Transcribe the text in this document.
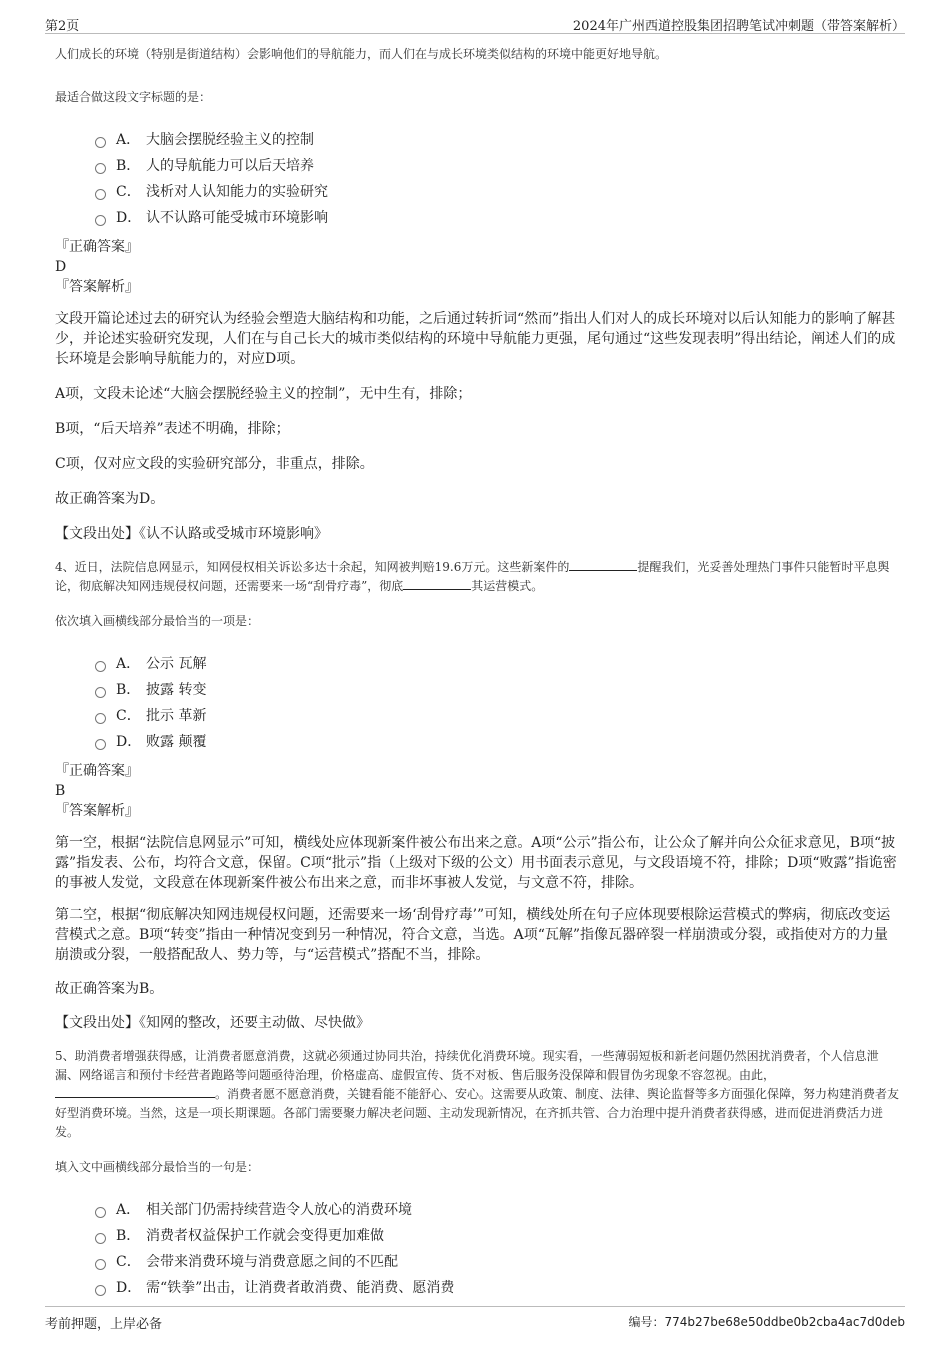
第2页	2024年广州西道控股集团招聘笔试冲刺题（带答案解析）

人们成长的环境（特别是街道结构）会影响他们的导航能力，而人们在与成长环境类似结构的环境中能更好地导航。

最适合做这段文字标题的是：

A． 大脑会摆脱经验主义的控制
B． 人的导航能力可以后天培养
C． 浅析对人认知能力的实验研究
D． 认不认路可能受城市环境影响

『正确答案』

D

『答案解析』

文段开篇论述过去的研究认为经验会塑造大脑结构和功能，之后通过转折词“然而”指出人们对人的成长环境对以后认知能力的影响了解甚少，并论述实验研究发现，人们在与自己长大的城市类似结构的环境中导航能力更强，尾句通过“这些发现表明”得出结论，阐述人们的成长环境是会影响导航能力的，对应D项。

A项，文段未论述“大脑会摆脱经验主义的控制”，无中生有，排除；

B项，“后天培养”表述不明确，排除；

C项，仅对应文段的实验研究部分，非重点，排除。

故正确答案为D。

【文段出处】《认不认路或受城市环境影响》

4、近日，法院信息网显示，知网侵权相关诉讼多达十余起，知网被判赔19.6万元。这些新案件的	提醒我们，光妥善处理热门事件只能暂时平息舆论，彻底解决知网违规侵权问题，还需要来一场“刮骨疗毒”，彻底	其运营模式。

依次填入画横线部分最恰当的一项是：

A． 公示 瓦解
B． 披露 转变
C． 批示 革新
D． 败露 颠覆

『正确答案』

B

『答案解析』

第一空，根据“法院信息网显示”可知，横线处应体现新案件被公布出来之意。A项“公示”指公布，让公众了解并向公众征求意见，B项“披露”指发表、公布，均符合文意，保留。C项“批示”指（上级对下级的公文）用书面表示意见，与文段语境不符，排除；D项“败露”指诡密的事被人发觉，文段意在体现新案件被公布出来之意，而非坏事被人发觉，与文意不符，排除。

第二空，根据“彻底解决知网违规侵权问题，还需要来一场‘刮骨疗毒’”可知，横线处所在句子应体现要根除运营模式的弊病，彻底改变运营模式之意。B项“转变”指由一种情况变到另一种情况，符合文意，当选。A项“瓦解”指像瓦器碎裂一样崩溃或分裂，或指使对方的力量崩溃或分裂，一般搭配敌人、势力等，与“运营模式”搭配不当，排除。

故正确答案为B。

【文段出处】《知网的整改，还要主动做、尽快做》

5、助消费者增强获得感，让消费者愿意消费，这就必须通过协同共治，持续优化消费环境。现实看，一些薄弱短板和新老问题仍然困扰消费者，个人信息泄漏、网络谣言和预付卡经营者跑路等问题亟待治理，价格虚高、虚假宣传、货不对板、售后服务没保障和假冒伪劣现象不容忽视。由此，。消费者愿不愿意消费，关键看能不能舒心、安心。这需要从政策、制度、法律、舆论监督等多方面强化保障，努力构建消费者友好型消费环境。当然，这是一项长期课题。各部门需要聚力解决老问题、主动发现新情况，在齐抓共管、合力治理中提升消费者获得感，进而促进消费活力迸发。

填入文中画横线部分最恰当的一句是：

A． 相关部门仍需持续营造令人放心的消费环境
B． 消费者权益保护工作就会变得更加难做
C． 会带来消费环境与消费意愿之间的不匹配
D． 需“铁拳”出击，让消费者敢消费、能消费、愿消费
考前押题，上岸必备	编号：774b27be68e50ddbe0b2cba4ac7d0deb
